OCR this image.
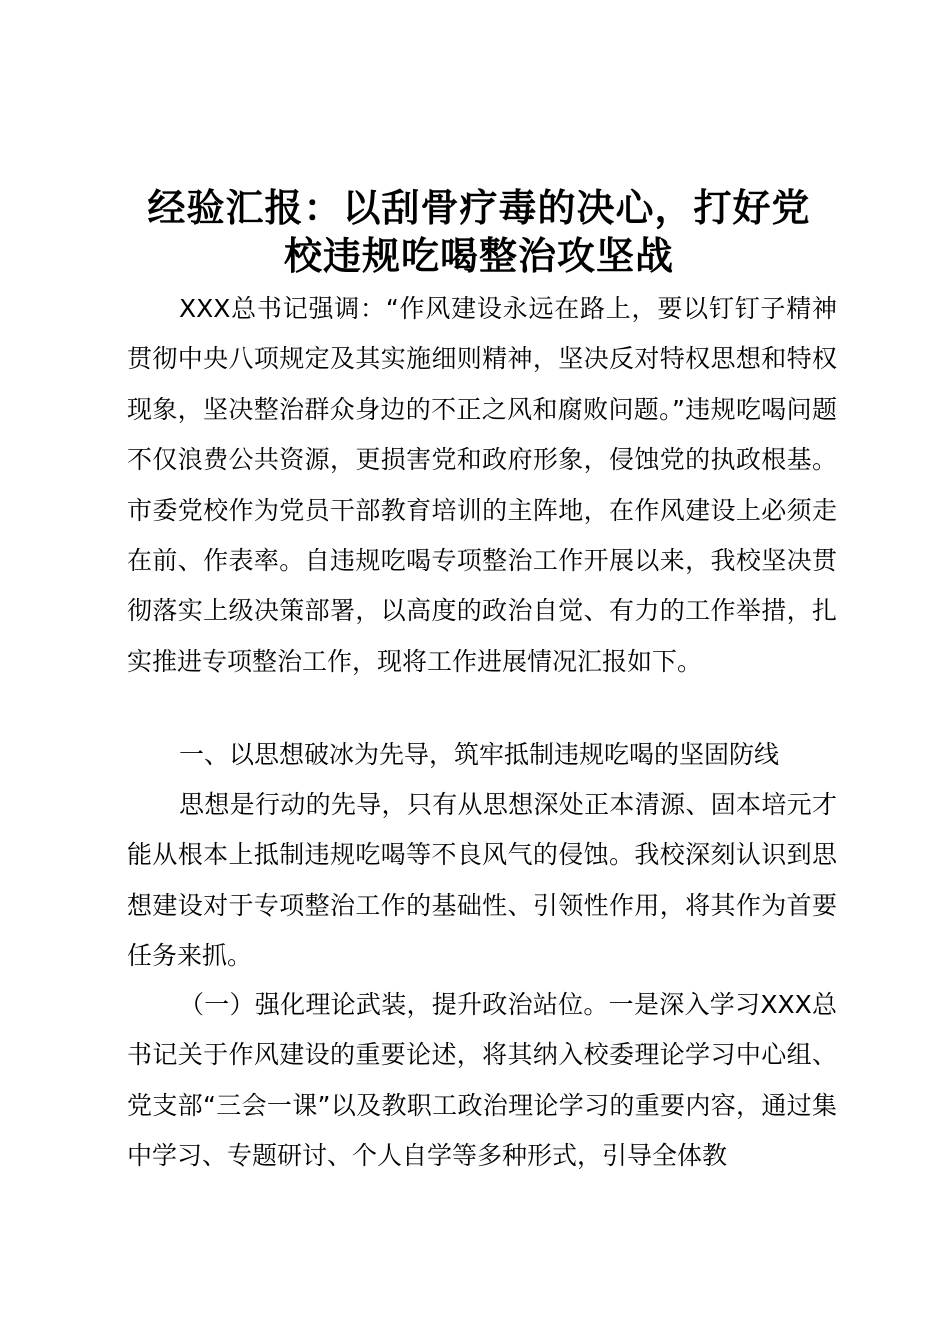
经验汇报：以刮骨疗毒的决心，打好党
校违规吃喝整治攻坚战

XXX总书记强调：“作风建设永远在路上，要以钉钉子精神贯彻中央八项规定及其实施细则精神，坚决反对特权思想和特权现象，坚决整治群众身边的不正之风和腐败问题。”违规吃喝问题不仅浪费公共资源，更损害党和政府形象，侵蚀党的执政根基。市委党校作为党员干部教育培训的主阵地，在作风建设上必须走在前、作表率。自违规吃喝专项整治工作开展以来，我校坚决贯彻落实上级决策部署，以高度的政治自觉、有力的工作举措，扎实推进专项整治工作，现将工作进展情况汇报如下。

一、以思想破冰为先导，筑牢抵制违规吃喝的坚固防线

思想是行动的先导，只有从思想深处正本清源、固本培元才能从根本上抵制违规吃喝等不良风气的侵蚀。我校深刻认识到思想建设对于专项整治工作的基础性、引领性作用，将其作为首要任务来抓。

（一）强化理论武装，提升政治站位。一是深入学习XXX总书记关于作风建设的重要论述，将其纳入校委理论学习中心组、党支部“三会一课”以及教职工政治理论学习的重要内容，通过集中学习、专题研讨、个人自学等多种形式，引导全体教
